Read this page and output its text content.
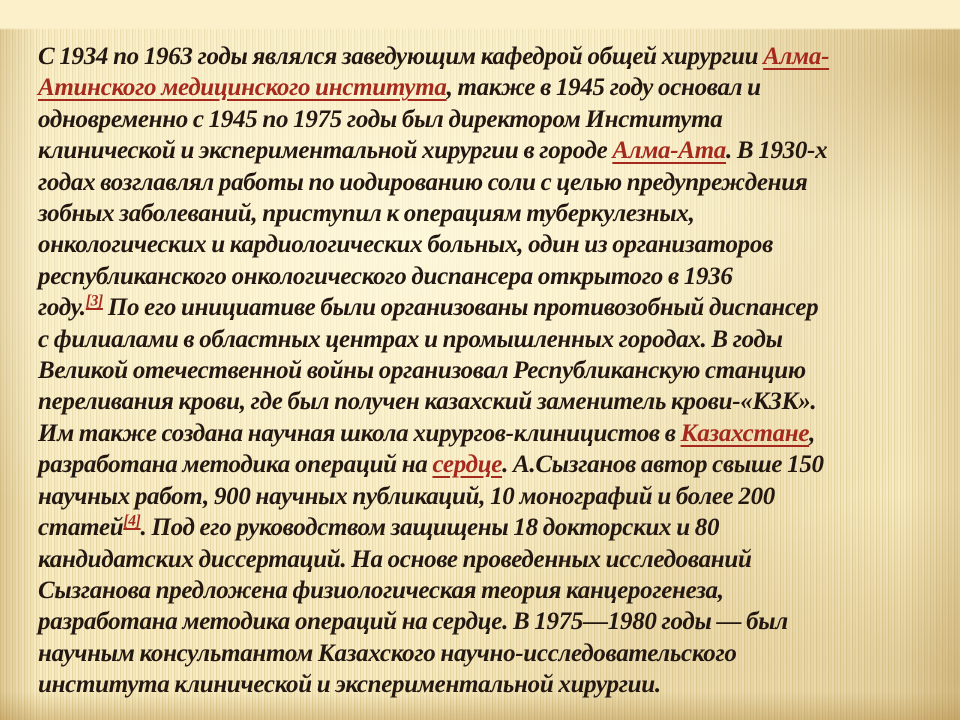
С 1934 по 1963 годы являлся заведующим кафедрой общей хирургии Алма-
Атинского медицинского института, также в 1945 году основал и
одновременно с 1945 по 1975 годы был директором Института
клинической и экспериментальной хирургии в городе Алма-Ата. В 1930-х
годах возглавлял работы по иодированию соли с целью предупреждения
зобных заболеваний, приступил к операциям туберкулезных,
онкологических и кардиологических больных, один из организаторов
республиканского онкологического диспансера открытого в 1936
году.[3] По его инициативе были организованы противозобный диспансер
с филиалами в областных центрах и промышленных городах. В годы
Великой отечественной войны организовал Республиканскую станцию
переливания крови, где был получен казахский заменитель крови-«КЗК».
Им также создана научная школа хирургов-клиницистов в Казахстане,
разработана методика операций на сердце. А.Сызганов автор свыше 150
научных работ, 900 научных публикаций, 10 монографий и более 200
статей[4]. Под его руководством защищены 18 докторских и 80
кандидатских диссертаций. На основе проведенных исследований
Сызганова предложена физиологическая теория канцерогенеза,
разработана методика операций на сердце. В 1975—1980 годы — был
научным консультантом Казахского научно-исследовательского
института клинической и экспериментальной хирургии.
